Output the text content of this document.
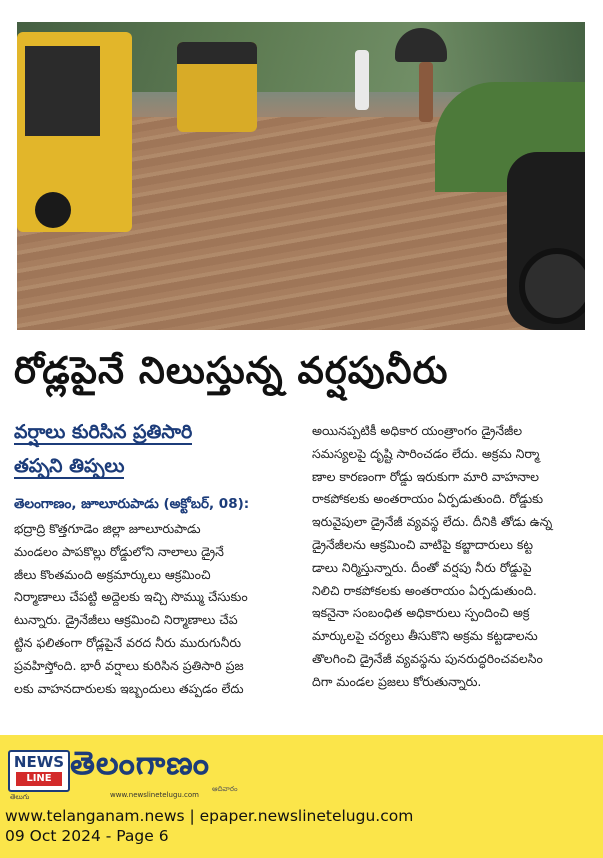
రోడ్లపైనే నిలుస్తున్న వర్షపునీరు
వర్షాలు కురిసిన ప్రతిసారి
తప్పని తిప్పలు
తెలంగాణం, జూలూరుపాడు (అక్టోబర్, 08):

భద్రాద్రి కొత్తగూడెం జిల్లా జూలూరుపాడు

మండలం పాపకొల్లు రోడ్డులోని నాలాలు డ్రైనే

జీలు కొంతమంది అక్రమార్కులు ఆక్రమించి

నిర్మాణాలు చేపట్టి అద్దెలకు ఇచ్చి సొమ్ము చేసుకుం

టున్నారు. డ్రైనేజీలు ఆక్రమించి నిర్మాణాలు చేప

ట్టిన ఫలితంగా రోడ్లపైనే వరద నీరు మురుగునీరు

ప్రవహిస్తోంది. భారీ వర్షాలు కురిసిన ప్రతిసారి ప్రజ

లకు వాహనదారులకు ఇబ్బందులు తప్పడం లేదు

అయినప్పటికీ అధికార యంత్రాంగం డ్రైనేజీల

సమస్యలపై దృష్టి సారించడం లేదు. అక్రమ నిర్మా

ణాల కారణంగా రోడ్డు ఇరుకుగా మారి వాహనాల

రాకపోకలకు అంతరాయం ఏర్పడుతుంది. రోడ్డుకు

ఇరువైపులా డ్రైనేజీ వ్యవస్థ లేదు. దీనికి తోడు ఉన్న

డ్రైనేజీలను ఆక్రమించి వాటిపై కబ్జాదారులు కట్ట

డాలు నిర్మిస్తున్నారు. దీంతో వర్షపు నీరు రోడ్డుపై

నిలిచి రాకపోకలకు అంతరాయం ఏర్పడుతుంది.

ఇకనైనా సంబంధిత అధికారులు స్పందించి అక్ర

మార్కులపై చర్యలు తీసుకొని అక్రమ కట్టడాలను

తొలగించి డ్రైనేజీ వ్యవస్థను పునరుద్ధరించవలసిం

దిగా మండల ప్రజలు కోరుతున్నారు.

NEWS
LINE
తెలుగు
తెలంగాణం
www.newslinetelugu.com
ఆదివారం
www.telanganam.news | epaper.newslinetelugu.com
09 Oct 2024 - Page 6
